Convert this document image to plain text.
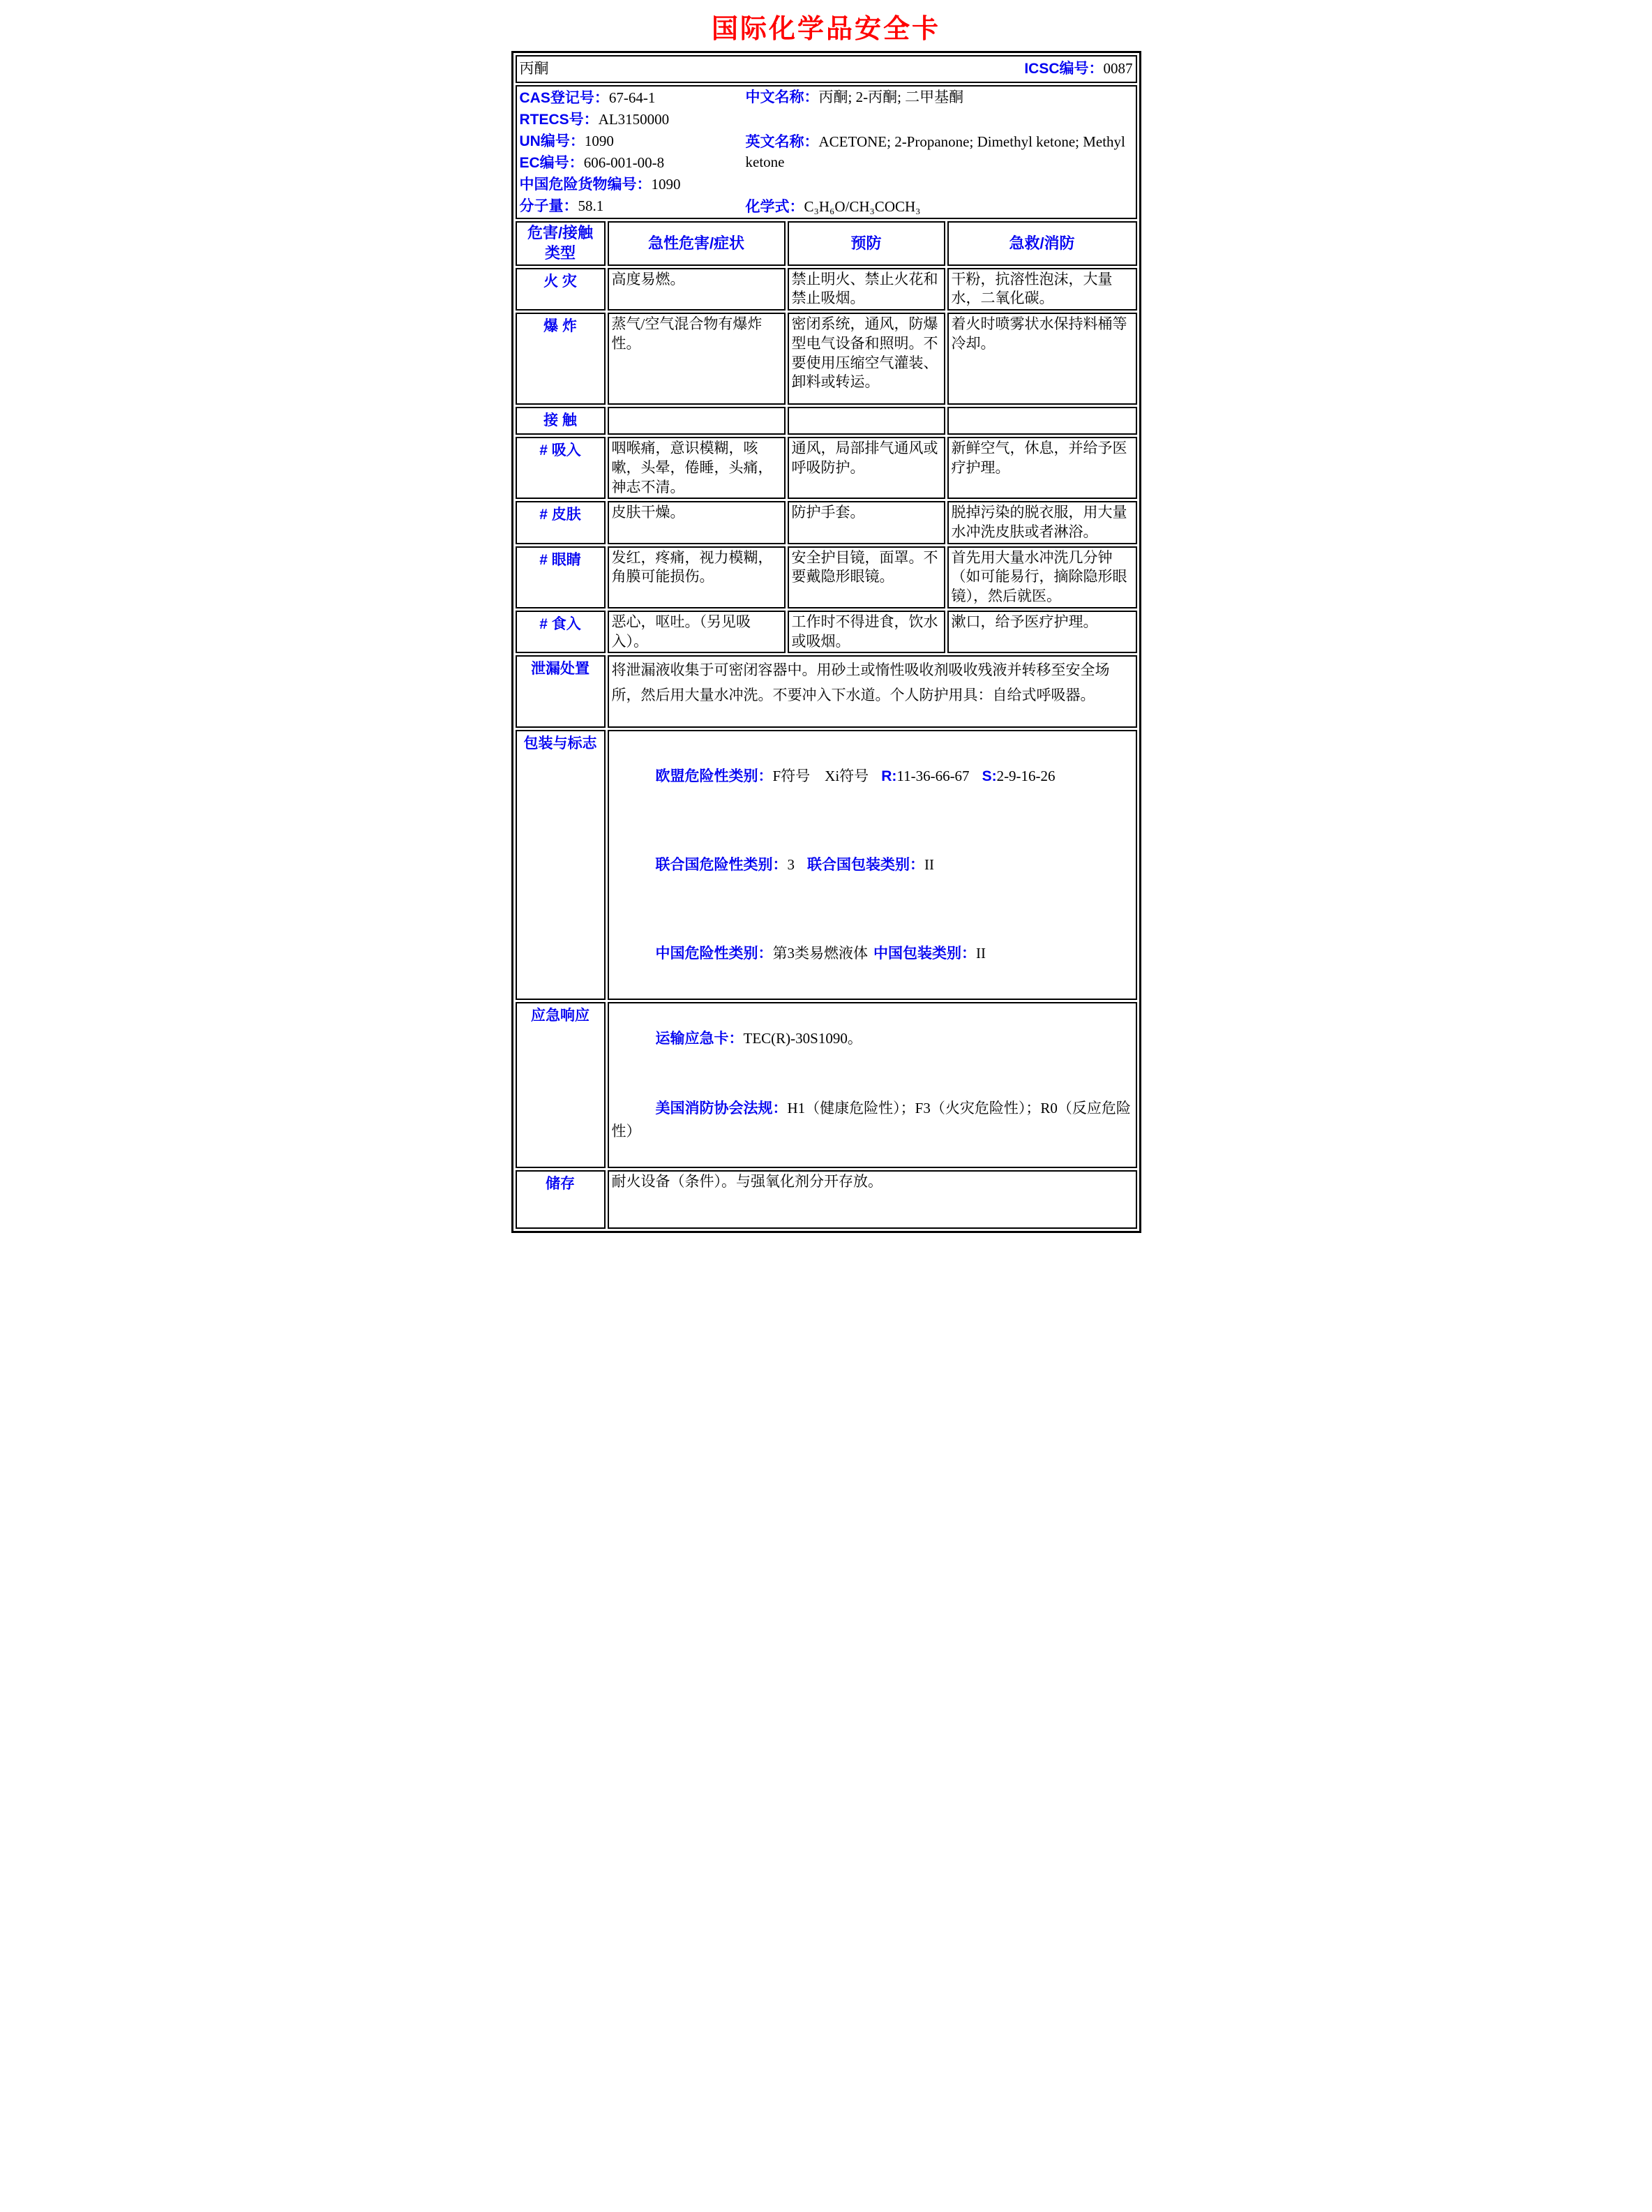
国际化学品安全卡
丙酮 ICSC编号：0087			

CAS登记号：67-64-1
RTECS号：AL3150000
UN编号：1090
EC编号：606-001-00-8
中国危险货物编号：1090
分子量：58.1
中文名称：丙酮; 2-丙酮; 二甲基酮
英文名称：ACETONE; 2-Propanone; Dimethyl ketone; Methyl ketone
化学式：C₃H₆O/CH₃COCH₃

危害/接触 类型	急性危害/症状	预防	急救/消防
火 灾	高度易燃。	禁止明火、禁止火花和禁止吸烟。	干粉，抗溶性泡沫，大量水，二氧化碳。
爆 炸	蒸气/空气混合物有爆炸性。	密闭系统，通风，防爆型电气设备和照明。不要使用压缩空气灌装、卸料或转运。	着火时喷雾状水保持料桶等冷却。
接 触			
# 吸入	咽喉痛，意识模糊，咳嗽，头晕，倦睡，头痛，神志不清。	通风，局部排气通风或呼吸防护。	新鲜空气，休息，并给予医疗护理。
# 皮肤	皮肤干燥。	防护手套。	脱掉污染的脱衣服，用大量水冲洗皮肤或者淋浴。
# 眼睛	发红，疼痛，视力模糊，角膜可能损伤。	安全护目镜，面罩。不要戴隐形眼镜。	首先用大量水冲洗几分钟（如可能易行，摘除隐形眼镜），然后就医。
# 食入	恶心，呕吐。（另见吸入）。	工作时不得进食，饮水或吸烟。	漱口，给予医疗护理。
泄漏处置	将泄漏液收集于可密闭容器中。用砂土或惰性吸收剂吸收残液并转移至安全场所，然后用大量水冲洗。不要冲入下水道。个人防护用具：自给式呼吸器。		
包装与标志	欧盟危险性类别：F符号　Xi符号 R:11-36-66-67 S:2-9-16-26

联合国危险性类别：3 联合国包装类别：II

中国危险性类别：第3类易燃液体 中国包装类别：II		

应急响应	运输应急卡：TEC(R)-30S1090。

美国消防协会法规：H1（健康危险性）；F3（火灾危险性）；R0（反应危险性）		

储存	耐火设备（条件）。与强氧化剂分开存放。		
